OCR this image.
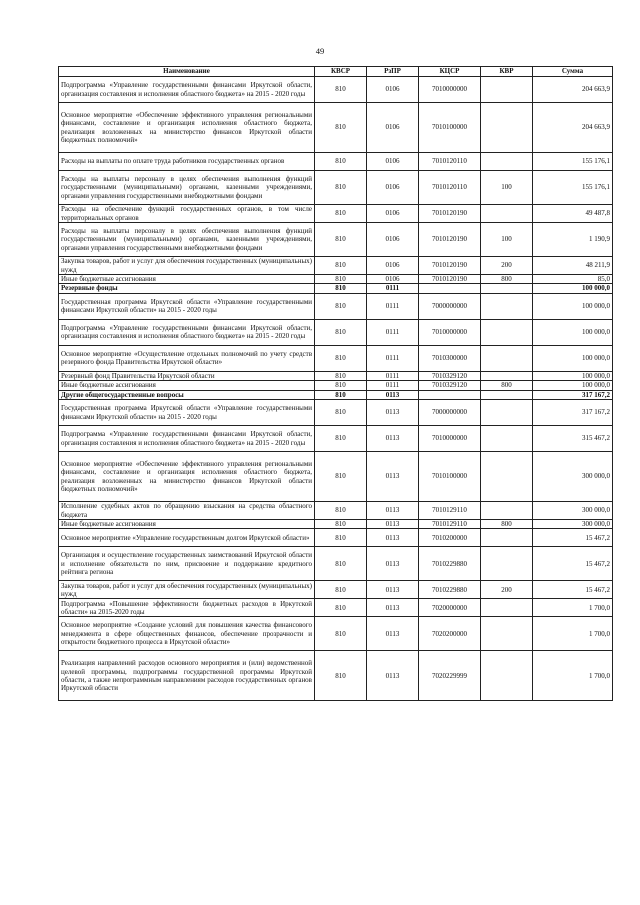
49
Наименование	КВСР	РзПР	КЦСР	КВР	Сумма
Подпрограмма «Управление государственными финансами Иркутской области, организация составления и исполнения областного бюджета» на 2015 - 2020 годы	810	0106	7010000000		204 663,9
Основное мероприятие «Обеспечение эффективного управления региональными финансами, составление и организация исполнения областного бюджета, реализация возложенных на министерство финансов Иркутской области бюджетных полномочий»	810	0106	7010100000		204 663,9
Расходы на выплаты по оплате труда работников государственных органов	810	0106	7010120110		155 176,1
Расходы на выплаты персоналу в целях обеспечения выполнения функций государственными (муниципальными) органами, казенными учреждениями, органами управления государственными внебюджетными фондами	810	0106	7010120110	100	155 176,1
Расходы на обеспечение функций государственных органов, в том числе территориальных органов	810	0106	7010120190		49 487,8
Расходы на выплаты персоналу в целях обеспечения выполнения функций государственными (муниципальными) органами, казенными учреждениями, органами управления государственными внебюджетными фондами	810	0106	7010120190	100	1 190,9
Закупка товаров, работ и услуг для обеспечения государственных (муниципальных) нужд	810	0106	7010120190	200	48 211,9
Иные бюджетные ассигнования	810	0106	7010120190	800	85,0
Резервные фонды	810	0111			100 000,0
Государственная программа Иркутской области «Управление государственными финансами Иркутской области» на 2015 - 2020 годы	810	0111	7000000000		100 000,0
Подпрограмма «Управление государственными финансами Иркутской области, организация составления и исполнения областного бюджета» на 2015 - 2020 годы	810	0111	7010000000		100 000,0
Основное мероприятие «Осуществление отдельных полномочий по учету средств резервного фонда Правительства Иркутской области»	810	0111	7010300000		100 000,0
Резервный фонд Правительства Иркутской области	810	0111	7010329120		100 000,0
Иные бюджетные ассигнования	810	0111	7010329120	800	100 000,0
Другие общегосударственные вопросы	810	0113			317 167,2
Государственная программа Иркутской области «Управление государственными финансами Иркутской области» на 2015 - 2020 годы	810	0113	7000000000		317 167,2
Подпрограмма «Управление государственными финансами Иркутской области, организация составления и исполнения областного бюджета» на 2015 - 2020 годы	810	0113	7010000000		315 467,2
Основное мероприятие «Обеспечение эффективного управления региональными финансами, составление и организация исполнения областного бюджета, реализация возложенных на министерство финансов Иркутской области бюджетных полномочий»	810	0113	7010100000		300 000,0
Исполнение судебных актов по обращению взыскания на средства областного бюджета	810	0113	7010129110		300 000,0
Иные бюджетные ассигнования	810	0113	7010129110	800	300 000,0
Основное мероприятие «Управление государственным долгом Иркутской области»	810	0113	7010200000		15 467,2
Организация и осуществление государственных заимствований Иркутской области и исполнение обязательств по ним, присвоение и поддержание кредитного рейтинга региона	810	0113	7010229880		15 467,2
Закупка товаров, работ и услуг для обеспечения государственных (муниципальных) нужд	810	0113	7010229880	200	15 467,2
Подпрограмма «Повышение эффективности бюджетных расходов в Иркутской области» на 2015-2020 годы	810	0113	7020000000		1 700,0
Основное мероприятие «Создание условий для повышения качества финансового менеджмента в сфере общественных финансов, обеспечение прозрачности и открытости бюджетного процесса в Иркутской области»	810	0113	7020200000		1 700,0
Реализация направлений расходов основного мероприятия и (или) ведомственной целевой программы, подпрограммы государственной программы Иркутской области, а также непрограммным направлениям расходов государственных органов Иркутской области	810	0113	7020229999		1 700,0
